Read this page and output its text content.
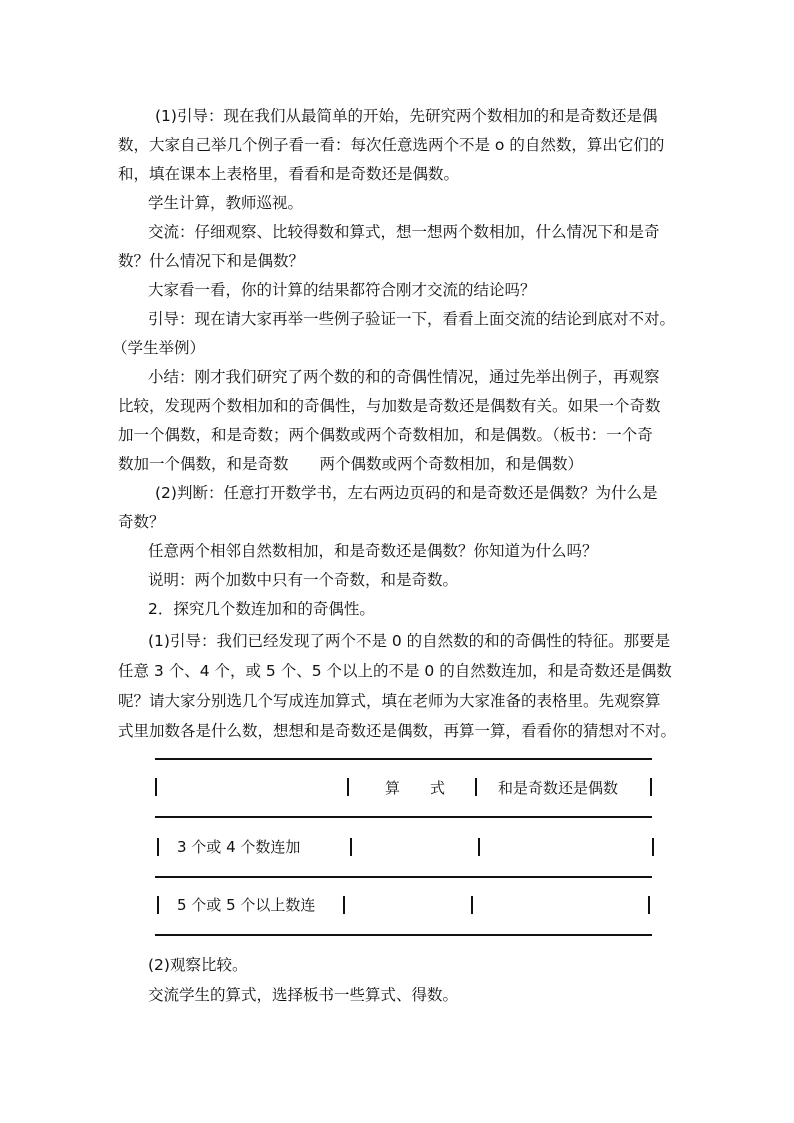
(1)引导：现在我们从最简单的开始，先研究两个数相加的和是奇数还是偶
数，大家自己举几个例子看一看：每次任意选两个不是 o 的自然数，算出它们的
和，填在课本上表格里，看看和是奇数还是偶数。
学生计算，教师巡视。
交流：仔细观察、比较得数和算式，想一想两个数相加，什么情况下和是奇
数？什么情况下和是偶数？
大家看一看，你的计算的结果都符合刚才交流的结论吗？
引导：现在请大家再举一些例子验证一下，看看上面交流的结论到底对不对。
（学生举例）
小结：刚才我们研究了两个数的和的奇偶性情况，通过先举出例子，再观察
比较，发现两个数相加和的奇偶性，与加数是奇数还是偶数有关。如果一个奇数
加一个偶数，和是奇数；两个偶数或两个奇数相加，和是偶数。（板书：一个奇
数加一个偶数，和是奇数　　两个偶数或两个奇数相加，和是偶数）
(2)判断：任意打开数学书，左右两边页码的和是奇数还是偶数？为什么是
奇数？
任意两个相邻自然数相加，和是奇数还是偶数？你知道为什么吗？
说明：两个加数中只有一个奇数，和是奇数。
2．探究几个数连加和的奇偶性。
(1)引导：我们已经发现了两个不是 0 的自然数的和的奇偶性的特征。那要是
任意 3 个、4 个，或 5 个、5 个以上的不是 0 的自然数连加，和是奇数还是偶数
呢？请大家分别选几个写成连加算式，填在老师为大家准备的表格里。先观察算
式里加数各是什么数，想想和是奇数还是偶数，再算一算，看看你的猜想对不对。
算　　式	和是奇数还是偶数
3 个或 4 个数连加
5 个或 5 个以上数连
(2)观察比较。
交流学生的算式，选择板书一些算式、得数。
